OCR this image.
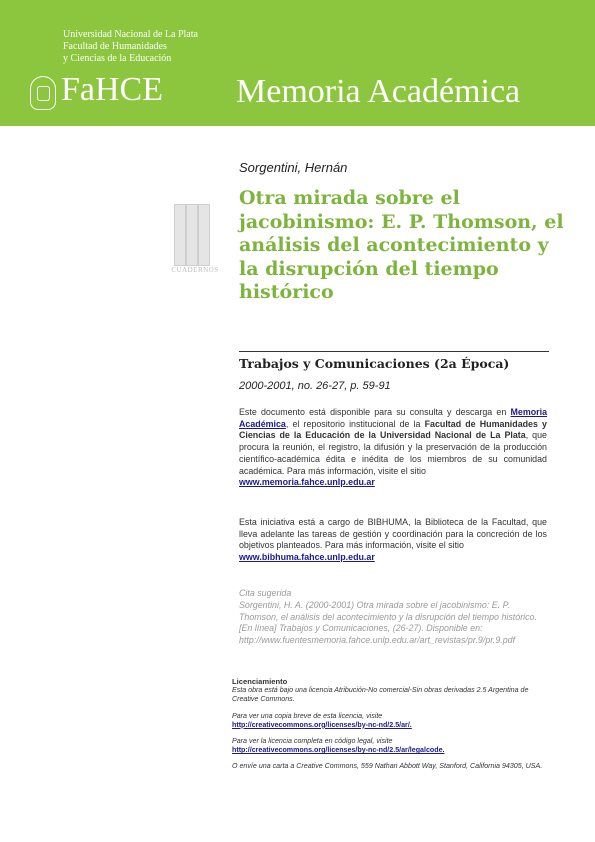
Universidad Nacional de La Plata
Facultad de Humanidades
y Ciencias de la Educación
FaHCE Memoria Académica
CUADERNOS
Sorgentini, Hernán
Otra mirada sobre el jacobinismo: E. P. Thomson, el análisis del acontecimiento y la disrupción del tiempo histórico
Trabajos y Comunicaciones (2a Época)
2000-2001, no. 26-27, p. 59-91

Este documento está disponible para su consulta y descarga en Memoria Académica, el repositorio institucional de la Facultad de Humanidades y Ciencias de la Educación de la Universidad Nacional de La Plata, que procura la reunión, el registro, la difusión y la preservación de la producción científico-académica édita e inédita de los miembros de su comunidad académica. Para más información, visite el sitio
www.memoria.fahce.unlp.edu.ar

Esta iniciativa está a cargo de BIBHUMA, la Biblioteca de la Facultad, que lleva adelante las tareas de gestión y coordinación para la concreción de los objetivos planteados. Para más información, visite el sitio
www.bibhuma.fahce.unlp.edu.ar

Cita sugerida

Sorgentini, H. A. (2000-2001) Otra mirada sobre el jacobinismo: E. P. Thomson, el análisis del acontecimiento y la disrupción del tiempo histórico. [En línea] Trabajos y Comunicaciones, (26-27). Disponible en: http://www.fuentesmemoria.fahce.unlp.edu.ar/art_revistas/pr.9/pr.9.pdf

Licenciamiento

Esta obra está bajo una licencia Atribución-No comercial-Sin obras derivadas 2.5 Argentina de Creative Commons.

Para ver una copia breve de esta licencia, visite

http://creativecommons.org/licenses/by-nc-nd/2.5/ar/.

Para ver la licencia completa en código legal, visite

http://creativecommons.org/licenses/by-nc-nd/2.5/ar/legalcode.

O envíe una carta a Creative Commons, 559 Nathan Abbott Way, Stanford, California 94305, USA.
